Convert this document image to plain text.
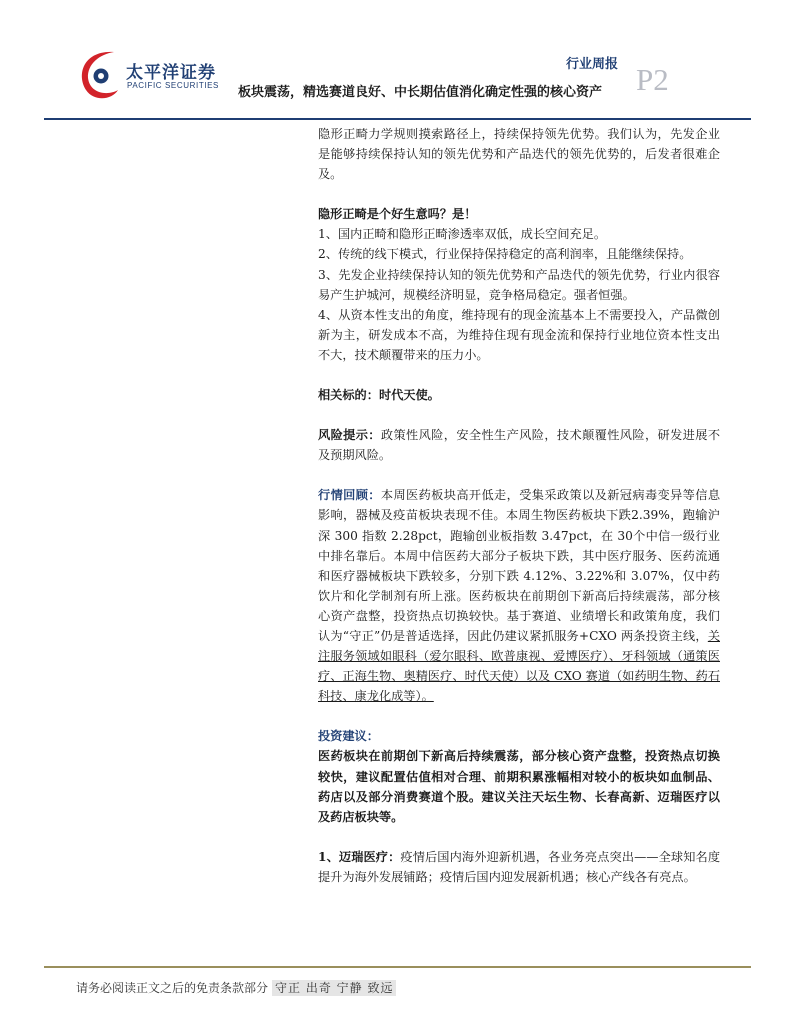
太平洋证券
PACIFIC SECURITIES
行业周报 P2
板块震荡，精选赛道良好、中长期估值消化确定性强的核心资产

隐形正畸力学规则摸索路径上，持续保持领先优势。我们认为，先发企业是能够持续保持认知的领先优势和产品迭代的领先优势的，后发者很难企及。

隐形正畸是个好生意吗？是！

1、国内正畸和隐形正畸渗透率双低，成长空间充足。

2、传统的线下模式，行业保持保持稳定的高利润率，且能继续保持。

3、先发企业持续保持认知的领先优势和产品迭代的领先优势，行业内很容易产生护城河，规模经济明显，竞争格局稳定。强者恒强。

4、从资本性支出的角度，维持现有的现金流基本上不需要投入，产品微创新为主，研发成本不高，为维持住现有现金流和保持行业地位资本性支出不大，技术颠覆带来的压力小。

相关标的：时代天使。

风险提示：政策性风险，安全性生产风险，技术颠覆性风险，研发进展不及预期风险。

行情回顾：本周医药板块高开低走，受集采政策以及新冠病毒变异等信息影响，器械及疫苗板块表现不佳。本周生物医药板块下跌2.39%，跑输沪深 300 指数 2.28pct，跑输创业板指数 3.47pct，在 30个中信一级行业中排名靠后。本周中信医药大部分子板块下跌，其中医疗服务、医药流通和医疗器械板块下跌较多，分别下跌 4.12%、3.22%和 3.07%，仅中药饮片和化学制剂有所上涨。医药板块在前期创下新高后持续震荡，部分核心资产盘整，投资热点切换较快。基于赛道、业绩增长和政策角度，我们认为“守正”仍是普适选择，因此仍建议紧抓服务+CXO 两条投资主线，关注服务领域如眼科（爱尔眼科、欧普康视、爱博医疗）、牙科领域（通策医疗、正海生物、奥精医疗、时代天使）以及 CXO 赛道（如药明生物、药石科技、康龙化成等）。

投资建议：

医药板块在前期创下新高后持续震荡，部分核心资产盘整，投资热点切换较快，建议配置估值相对合理、前期积累涨幅相对较小的板块如血制品、药店以及部分消费赛道个股。建议关注天坛生物、长春高新、迈瑞医疗以及药店板块等。

1、迈瑞医疗：疫情后国内海外迎新机遇，各业务亮点突出——全球知名度提升为海外发展铺路；疫情后国内迎发展新机遇；核心产线各有亮点。

请务必阅读正文之后的免责条款部分 守正 出奇 宁静 致远
